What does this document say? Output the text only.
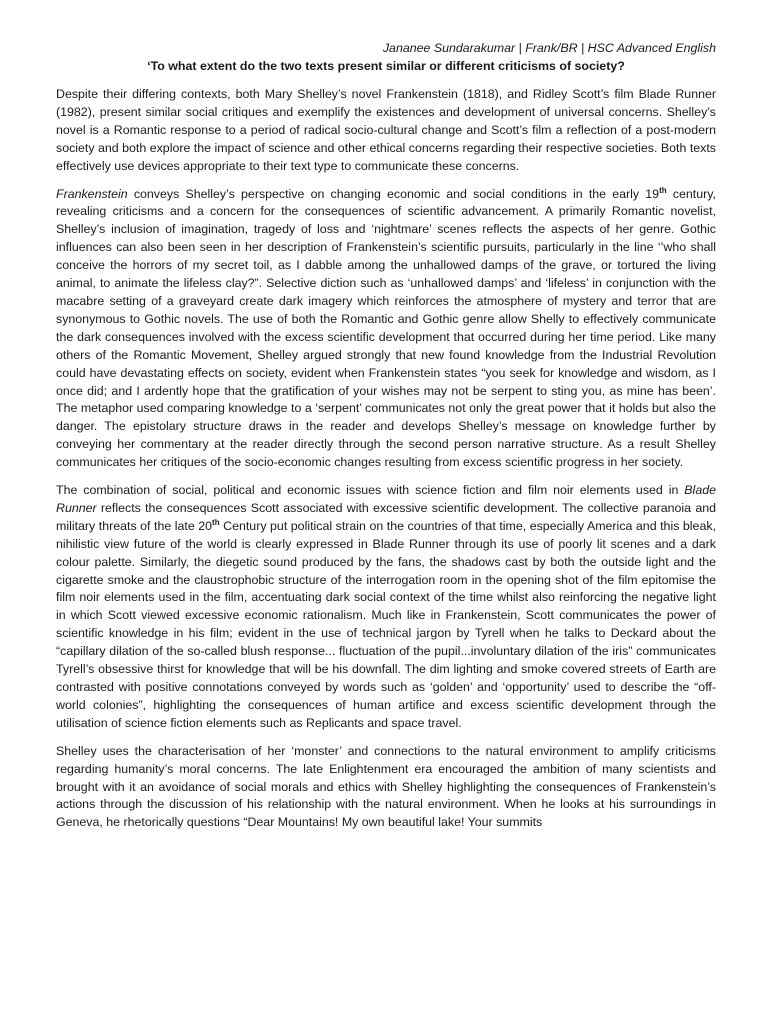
Jananee Sundarakumar | Frank/BR | HSC Advanced English

‘To what extent do the two texts present similar or different criticisms of society?

Despite their differing contexts, both Mary Shelley’s novel Frankenstein (1818), and Ridley Scott’s film Blade Runner (1982), present similar social critiques and exemplify the existences and development of universal concerns. Shelley’s novel is a Romantic response to a period of radical socio-cultural change and Scott’s film a reflection of a post-modern society and both explore the impact of science and other ethical concerns regarding their respective societies. Both texts effectively use devices appropriate to their text type to communicate these concerns.

Frankenstein conveys Shelley’s perspective on changing economic and social conditions in the early 19th century, revealing criticisms and a concern for the consequences of scientific advancement. A primarily Romantic novelist, Shelley’s inclusion of imagination, tragedy of loss and ‘nightmare’ scenes reflects the aspects of her genre. Gothic influences can also been seen in her description of Frankenstein’s scientific pursuits, particularly in the line ‘’who shall conceive the horrors of my secret toil, as I dabble among the unhallowed damps of the grave, or tortured the living animal, to animate the lifeless clay?”. Selective diction such as ‘unhallowed damps’ and ‘lifeless’ in conjunction with the macabre setting of a graveyard create dark imagery which reinforces the atmosphere of mystery and terror that are synonymous to Gothic novels. The use of both the Romantic and Gothic genre allow Shelly to effectively communicate the dark consequences involved with the excess scientific development that occurred during her time period. Like many others of the Romantic Movement, Shelley argued strongly that new found knowledge from the Industrial Revolution could have devastating effects on society, evident when Frankenstein states “you seek for knowledge and wisdom, as I once did; and I ardently hope that the gratification of your wishes may not be serpent to sting you, as mine has been’. The metaphor used comparing knowledge to a ‘serpent’ communicates not only the great power that it holds but also the danger. The epistolary structure draws in the reader and develops Shelley’s message on knowledge further by conveying her commentary at the reader directly through the second person narrative structure. As a result Shelley communicates her critiques of the socio-economic changes resulting from excess scientific progress in her society.

The combination of social, political and economic issues with science fiction and film noir elements used in Blade Runner reflects the consequences Scott associated with excessive scientific development. The collective paranoia and military threats of the late 20th Century put political strain on the countries of that time, especially America and this bleak, nihilistic view future of the world is clearly expressed in Blade Runner through its use of poorly lit scenes and a dark colour palette. Similarly, the diegetic sound produced by the fans, the shadows cast by both the outside light and the cigarette smoke and the claustrophobic structure of the interrogation room in the opening shot of the film epitomise the film noir elements used in the film, accentuating dark social context of the time whilst also reinforcing the negative light in which Scott viewed excessive economic rationalism. Much like in Frankenstein, Scott communicates the power of scientific knowledge in his film; evident in the use of technical jargon by Tyrell when he talks to Deckard about the “capillary dilation of the so-called blush response... fluctuation of the pupil...involuntary dilation of the iris” communicates Tyrell’s obsessive thirst for knowledge that will be his downfall. The dim lighting and smoke covered streets of Earth are contrasted with positive connotations conveyed by words such as ‘golden’ and ‘opportunity’ used to describe the “off-world colonies”, highlighting the consequences of human artifice and excess scientific development through the utilisation of science fiction elements such as Replicants and space travel.

Shelley uses the characterisation of her ‘monster’ and connections to the natural environment to amplify criticisms regarding humanity’s moral concerns. The late Enlightenment era encouraged the ambition of many scientists and brought with it an avoidance of social morals and ethics with Shelley highlighting the consequences of Frankenstein’s actions through the discussion of his relationship with the natural environment. When he looks at his surroundings in Geneva, he rhetorically questions “Dear Mountains! My own beautiful lake! Your summits
